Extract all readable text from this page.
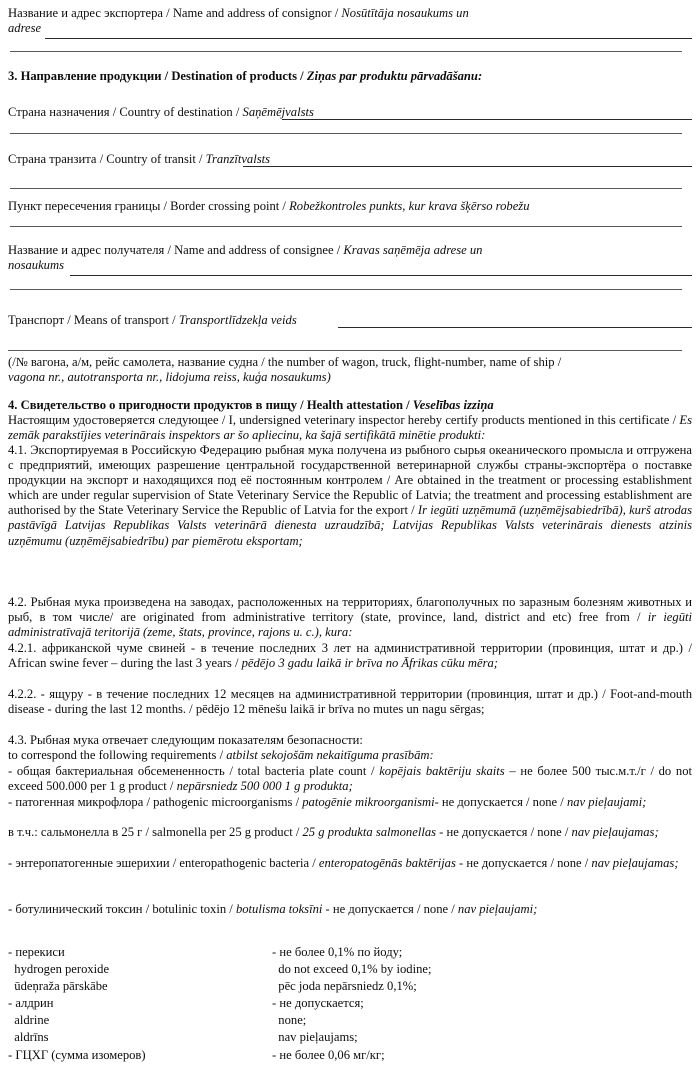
Название и адрес экспортера / Name and address of consignor / Nosūtītāja nosaukums un

adrese

3. Направление продукции / Destination of products / Ziņas par produktu pārvadāšanu:

Страна назначения / Country of destination / Saņēmējvalsts

Страна транзита / Country of transit / Tranzītvalsts

Пункт пересечения границы / Border crossing point / Robežkontroles punkts, kur krava šķērso robežu

Название и адрес получателя / Name and address of consignee / Kravas saņēmēja adrese un

nosaukums

Транспорт / Means of transport / Transportlīdzekļa veids

(/№ вагона, а/м, рейс самолета, название судна / the number of wagon, truck, flight-number, name of ship /

vagona nr., autotransporta nr., lidojuma reiss, kuģa nosaukums)

4. Свидетельство о пригодности продуктов в пищу / Health attestation / Veselības izziņa

Настоящим удостоверяется следующее / I, undersigned veterinary inspector hereby certify products mentioned in this certificate / Es zemāk parakstījies veterinārais inspektors ar šo apliecinu, ka šajā sertifikātā minētie produkti:

4.1. Экспортируемая в Российскую Федерацию рыбная мука получена из рыбного сырья океанического промысла и отгружена с предприятий, имеющих разрешение центральной государственной ветеринарной службы страны-экспортёра о поставке продукции на экспорт и находящихся под её постоянным контролем / Are obtained in the treatment or processing establishment which are under regular supervision of State Veterinary Service the Republic of Latvia; the treatment and processing establishment are authorised by the State Veterinary Service the Republic of Latvia for the export / Ir iegūti uzņēmumā (uzņēmējsabiedrībā), kurš atrodas pastāvīgā Latvijas Republikas Valsts veterinārā dienesta uzraudzībā; Latvijas Republikas Valsts veterinārais dienests atzinis uzņēmumu (uzņēmējsabiedrību) par piemērotu eksportam;

4.2. Рыбная мука произведена на заводах, расположенных на территориях, благополучных по заразным болезням животных и рыб, в том числе/ are originated from administrative territory (state, province, land, district and etc) free from / ir iegūti administratīvajā teritorijā (zeme, štats, province, rajons u. c.), kura:

4.2.1. африканской чуме свиней - в течение последних 3 лет на административной территории (провинция, штат и др.) / African swine fever – during the last 3 years / pēdējo 3 gadu laikā ir brīva no Āfrikas cūku mēra;

4.2.2. - ящуру - в течение последних 12 месяцев на административной территории (провинция, штат и др.) / Foot-and-mouth disease - during the last 12 months. / pēdējo 12 mēnešu laikā ir brīva no mutes un nagu sērgas;

4.3. Рыбная мука отвечает следующим показателям безопасности:

to correspond the following requirements / atbilst sekojošām nekaitīguma prasībām:

- общая бактериальная обсемененность / total bacteria plate count / kopējais baktēriju skaits – не более 500 тыс.м.т./г / do not exceed 500.000 per 1 g product / nepārsniedz 500 000 1 g produkta;

- патогенная микрофлора / pathogenic microorganisms / patogēnie mikroorganismi- не допускается / none / nav pieļaujami;

в т.ч.: сальмонелла в 25 г / salmonella per 25 g product / 25 g produkta salmonellas - не допускается / none / nav pieļaujamas;

- энтеропатогенные эшерихии / enteropathogenic bacteria / enteropatogēnās baktērijas - не допускается / none / nav pieļaujamas;

- ботулинический токсин / botulinic toxin / botulisma toksīni - не допускается / none / nav pieļaujami;

- перекиси

hydrogen peroxide

ūdeņraža pārskābe

- алдрин

aldrine

aldrīns

- ГЦХГ (сумма изомеров)

- не более 0,1% по йоду;

do not exceed 0,1% by iodine;

pēc joda nepārsniedz 0,1%;

- не допускается;

none;

nav pieļaujams;

- не более 0,06 мг/кг;
